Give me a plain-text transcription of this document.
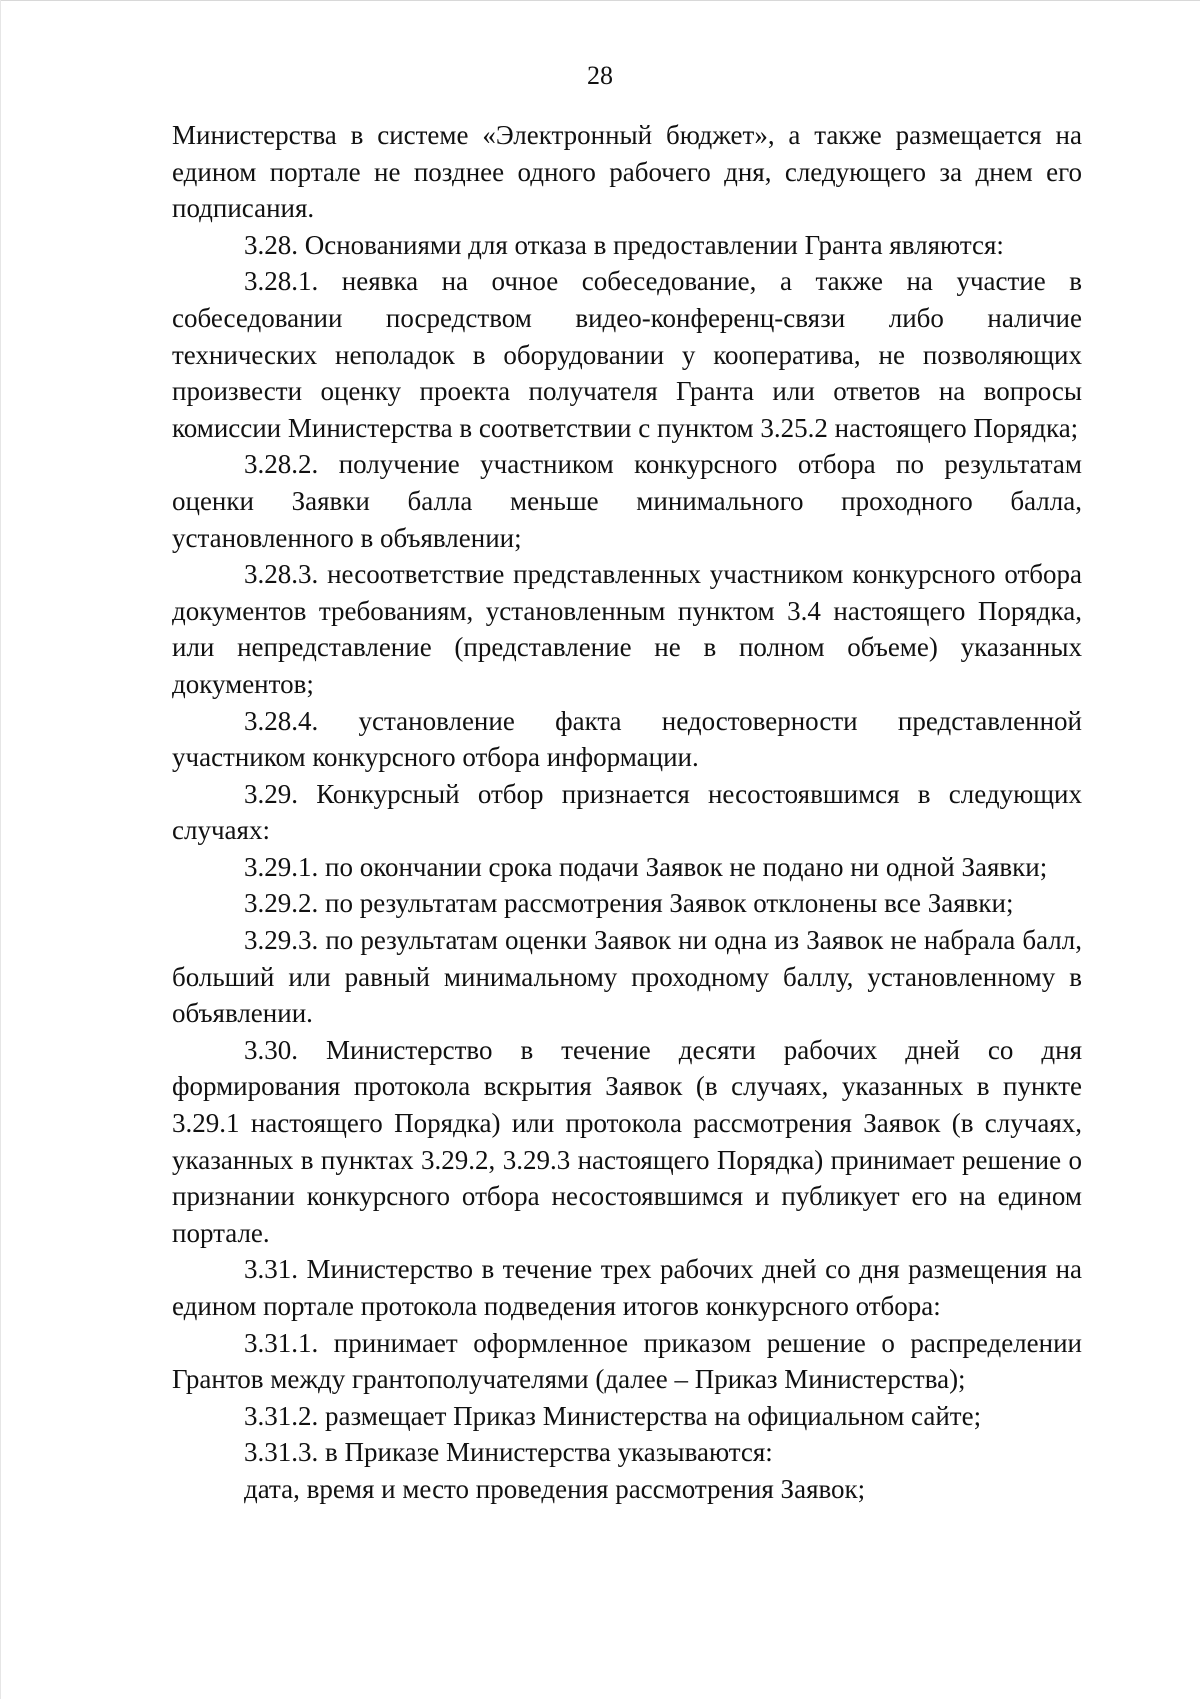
28

Министерства в системе «Электронный бюджет», а также размещается на едином портале не позднее одного рабочего дня, следующего за днем его подписания.

3.28. Основаниями для отказа в предоставлении Гранта являются:

3.28.1. неявка на очное собеседование, а также на участие в собеседовании посредством видео-конференц-связи либо наличие технических неполадок в оборудовании у кооператива, не позволяющих произвести оценку проекта получателя Гранта или ответов на вопросы комиссии Министерства в соответствии с пунктом 3.25.2 настоящего Порядка;

3.28.2. получение участником конкурсного отбора по результатам оценки Заявки балла меньше минимального проходного балла, установленного в объявлении;

3.28.3. несоответствие представленных участником конкурсного отбора документов требованиям, установленным пунктом 3.4 настоящего Порядка, или непредставление (представление не в полном объеме) указанных документов;

3.28.4. установление факта недостоверности представленной участником конкурсного отбора информации.

3.29. Конкурсный отбор признается несостоявшимся в следующих случаях:

3.29.1. по окончании срока подачи Заявок не подано ни одной Заявки;

3.29.2. по результатам рассмотрения Заявок отклонены все Заявки;

3.29.3. по результатам оценки Заявок ни одна из Заявок не набрала балл, больший или равный минимальному проходному баллу, установленному в объявлении.

3.30. Министерство в течение десяти рабочих дней со дня формирования протокола вскрытия Заявок (в случаях, указанных в пункте 3.29.1 настоящего Порядка) или протокола рассмотрения Заявок (в случаях, указанных в пунктах 3.29.2, 3.29.3 настоящего Порядка) принимает решение о признании конкурсного отбора несостоявшимся и публикует его на едином портале.

3.31. Министерство в течение трех рабочих дней со дня размещения на едином портале протокола подведения итогов конкурсного отбора:

3.31.1. принимает оформленное приказом решение о распределении Грантов между грантополучателями (далее – Приказ Министерства);

3.31.2. размещает Приказ Министерства на официальном сайте;

3.31.3. в Приказе Министерства указываются:

дата, время и место проведения рассмотрения Заявок;
